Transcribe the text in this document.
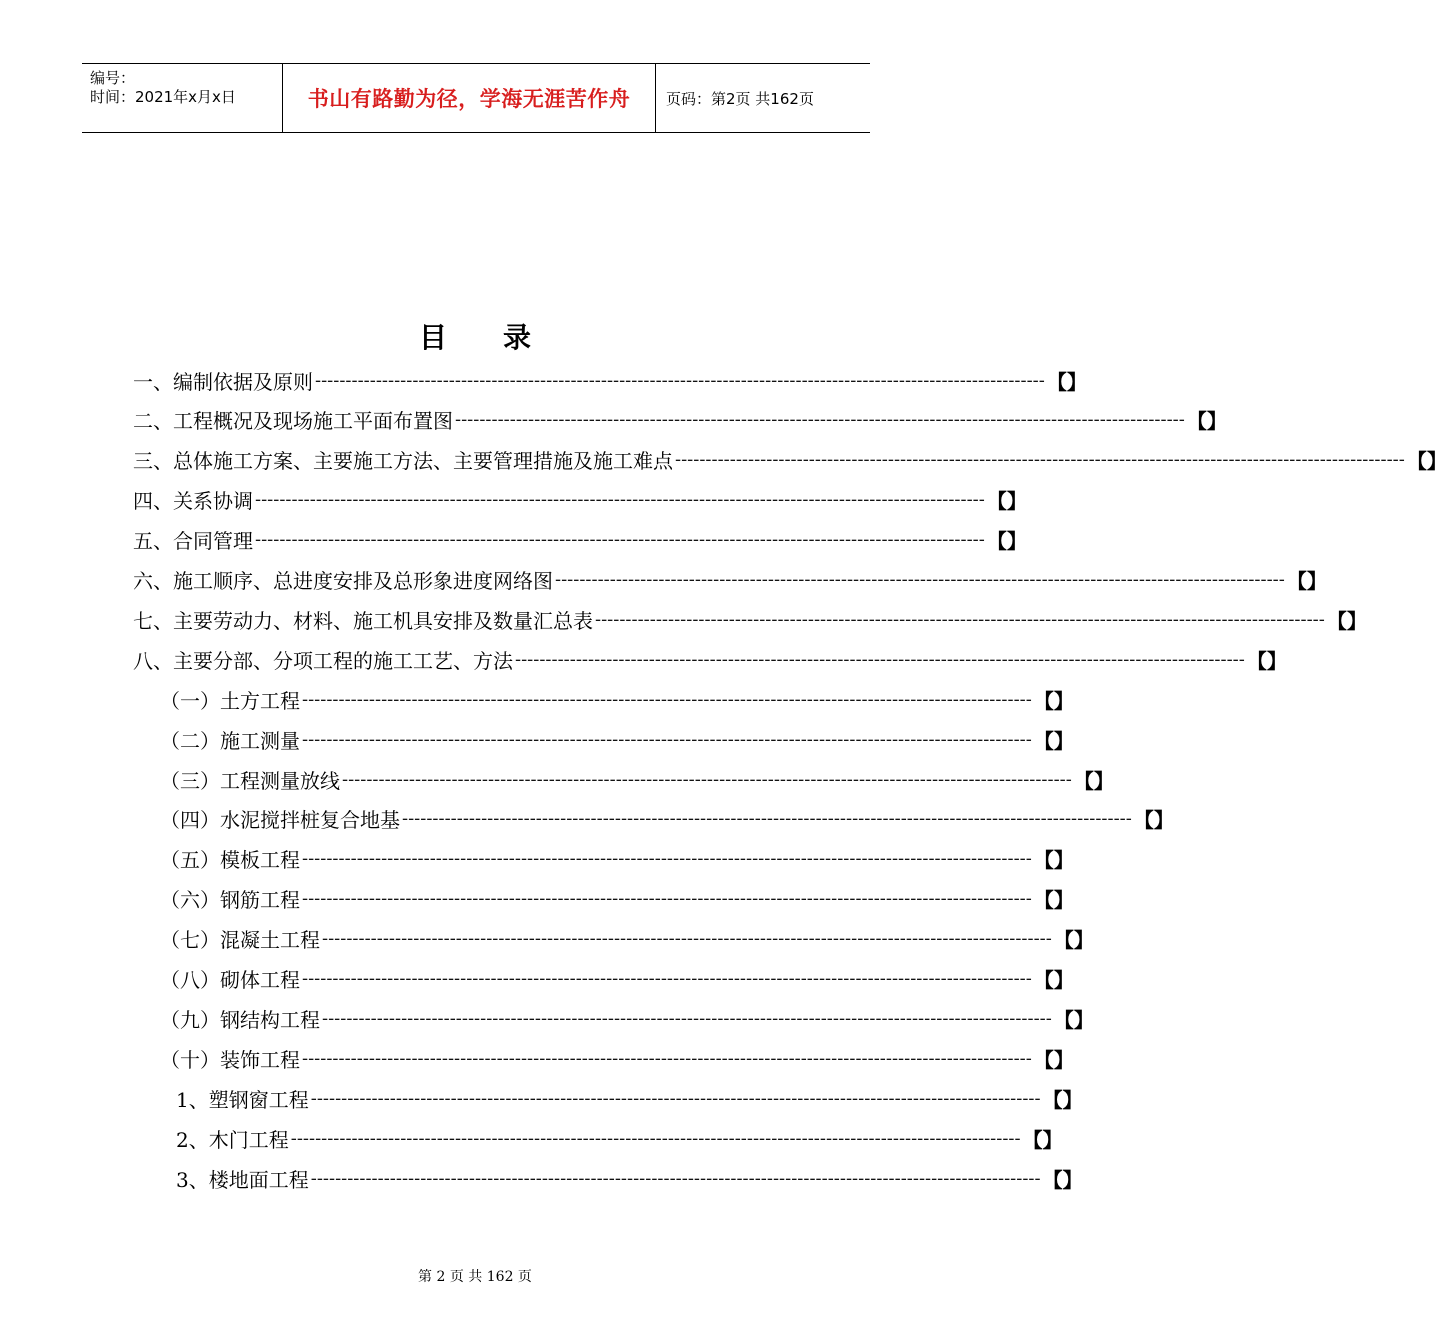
编号：
时间：2021年x月x日	书山有路勤为径，学海无涯苦作舟	页码：第2页 共162页
目　　录
一、编制依据及原则 ------------------------------------------------------------------------------------------------------------------------ 【】
二、工程概况及现场施工平面布置图 ------------------------------------------------------------------------------------------------------------------------ 【】
三、总体施工方案、主要施工方法、主要管理措施及施工难点 ------------------------------------------------------------------------------------------------------------------------ 【】
四、关系协调 ------------------------------------------------------------------------------------------------------------------------ 【】
五、合同管理 ------------------------------------------------------------------------------------------------------------------------ 【】
六、施工顺序、总进度安排及总形象进度网络图 ------------------------------------------------------------------------------------------------------------------------ 【】
七、主要劳动力、材料、施工机具安排及数量汇总表 ------------------------------------------------------------------------------------------------------------------------ 【】
八、主要分部、分项工程的施工工艺、方法 ------------------------------------------------------------------------------------------------------------------------ 【】
（一）土方工程 ------------------------------------------------------------------------------------------------------------------------ 【】
（二）施工测量 ------------------------------------------------------------------------------------------------------------------------ 【】
（三）工程测量放线 ------------------------------------------------------------------------------------------------------------------------ 【】
（四）水泥搅拌桩复合地基 ------------------------------------------------------------------------------------------------------------------------ 【】
（五）模板工程 ------------------------------------------------------------------------------------------------------------------------ 【】
（六）钢筋工程 ------------------------------------------------------------------------------------------------------------------------ 【】
（七）混凝土工程 ------------------------------------------------------------------------------------------------------------------------ 【】
（八）砌体工程 ------------------------------------------------------------------------------------------------------------------------ 【】
（九）钢结构工程 ------------------------------------------------------------------------------------------------------------------------ 【】
（十）装饰工程 ------------------------------------------------------------------------------------------------------------------------ 【】
1、塑钢窗工程 ------------------------------------------------------------------------------------------------------------------------ 【】
2、木门工程 ------------------------------------------------------------------------------------------------------------------------ 【】
3、楼地面工程 ------------------------------------------------------------------------------------------------------------------------ 【】
第 2 页 共 162 页
